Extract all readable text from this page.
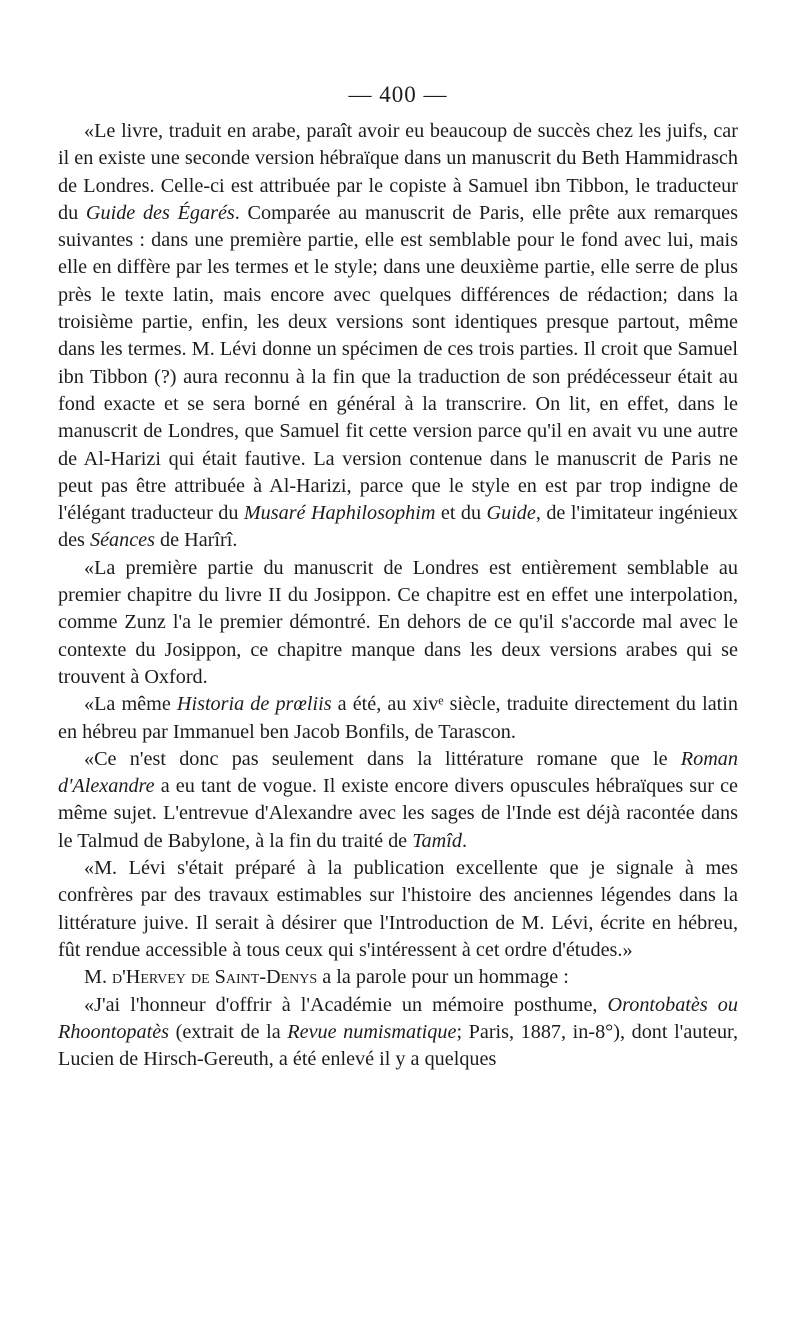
— 400 —

«Le livre, traduit en arabe, paraît avoir eu beaucoup de succès chez les juifs, car il en existe une seconde version hébraïque dans un manuscrit du Beth Hammidrasch de Londres. Celle-ci est attribuée par le copiste à Samuel ibn Tibbon, le traducteur du Guide des Égarés. Comparée au manuscrit de Paris, elle prête aux remarques suivantes : dans une première partie, elle est semblable pour le fond avec lui, mais elle en diffère par les termes et le style; dans une deuxième partie, elle serre de plus près le texte latin, mais encore avec quelques différences de rédaction; dans la troisième partie, enfin, les deux versions sont identiques presque partout, même dans les termes. M. Lévi donne un spécimen de ces trois parties. Il croit que Samuel ibn Tibbon (?) aura reconnu à la fin que la traduction de son prédécesseur était au fond exacte et se sera borné en général à la transcrire. On lit, en effet, dans le manuscrit de Londres, que Samuel fit cette version parce qu'il en avait vu une autre de Al-Harizi qui était fautive. La version contenue dans le manuscrit de Paris ne peut pas être attribuée à Al-Harizi, parce que le style en est par trop indigne de l'élégant traducteur du Musaré Haphilosophim et du Guide, de l'imitateur ingénieux des Séances de Harîrî.

«La première partie du manuscrit de Londres est entièrement semblable au premier chapitre du livre II du Josippon. Ce chapitre est en effet une interpolation, comme Zunz l'a le premier démontré. En dehors de ce qu'il s'accorde mal avec le contexte du Josippon, ce chapitre manque dans les deux versions arabes qui se trouvent à Oxford.

«La même Historia de prœliis a été, au xivᵉ siècle, traduite directement du latin en hébreu par Immanuel ben Jacob Bonfils, de Tarascon.

«Ce n'est donc pas seulement dans la littérature romane que le Roman d'Alexandre a eu tant de vogue. Il existe encore divers opuscules hébraïques sur ce même sujet. L'entrevue d'Alexandre avec les sages de l'Inde est déjà racontée dans le Talmud de Babylone, à la fin du traité de Tamîd.

«M. Lévi s'était préparé à la publication excellente que je signale à mes confrères par des travaux estimables sur l'histoire des anciennes légendes dans la littérature juive. Il serait à désirer que l'Introduction de M. Lévi, écrite en hébreu, fût rendue accessible à tous ceux qui s'intéressent à cet ordre d'études.»

M. d'Hervey de Saint-Denys a la parole pour un hommage :

«J'ai l'honneur d'offrir à l'Académie un mémoire posthume, Orontobatès ou Rhoontopatès (extrait de la Revue numismatique; Paris, 1887, in-8°), dont l'auteur, Lucien de Hirsch-Gereuth, a été enlevé il y a quelques
